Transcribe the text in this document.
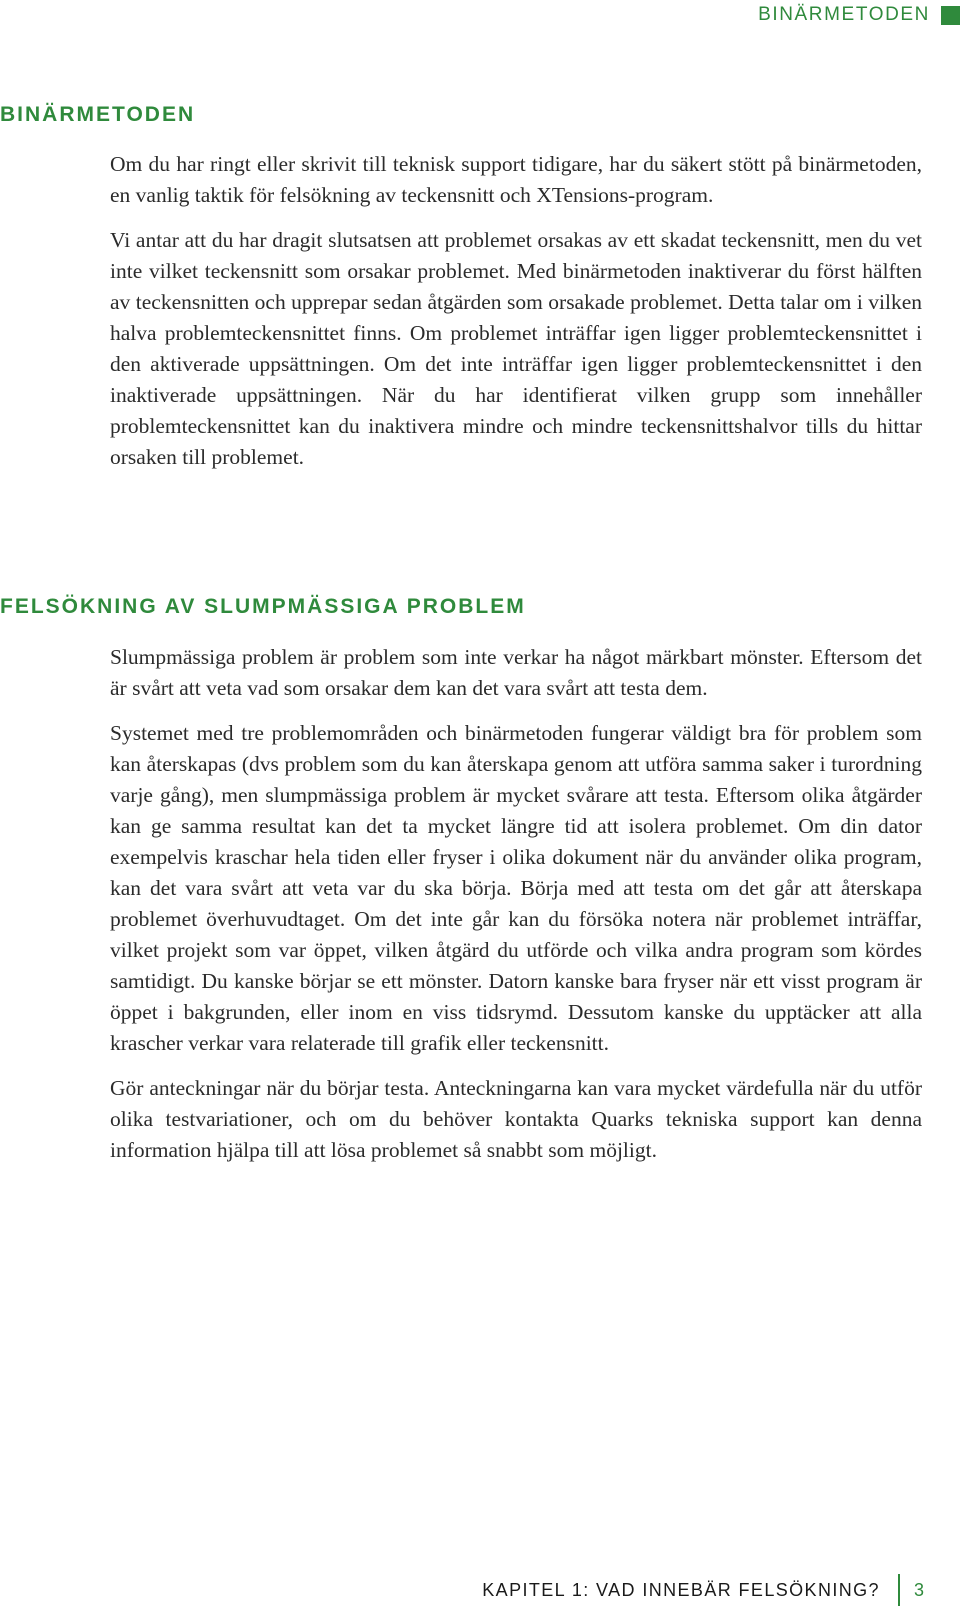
BINÄRMETODEN
BINÄRMETODEN

Om du har ringt eller skrivit till teknisk support tidigare, har du säkert stött på binärmetoden, en vanlig taktik för felsökning av teckensnitt och XTensions-program.

Vi antar att du har dragit slutsatsen att problemet orsakas av ett skadat teckensnitt, men du vet inte vilket teckensnitt som orsakar problemet. Med binärmetoden inaktiverar du först hälften av teckensnitten och upprepar sedan åtgärden som orsakade problemet. Detta talar om i vilken halva problemteckensnittet finns. Om problemet inträffar igen ligger problemteckensnittet i den aktiverade uppsättningen. Om det inte inträffar igen ligger problemteckensnittet i den inaktiverade uppsättningen. När du har identifierat vilken grupp som innehåller problemteckensnittet kan du inaktivera mindre och mindre teckensnittshalvor tills du hittar orsaken till problemet.

FELSÖKNING AV SLUMPMÄSSIGA PROBLEM

Slumpmässiga problem är problem som inte verkar ha något märkbart mönster. Eftersom det är svårt att veta vad som orsakar dem kan det vara svårt att testa dem.

Systemet med tre problemområden och binärmetoden fungerar väldigt bra för problem som kan återskapas (dvs problem som du kan återskapa genom att utföra samma saker i turordning varje gång), men slumpmässiga problem är mycket svårare att testa. Eftersom olika åtgärder kan ge samma resultat kan det ta mycket längre tid att isolera problemet. Om din dator exempelvis kraschar hela tiden eller fryser i olika dokument när du använder olika program, kan det vara svårt att veta var du ska börja. Börja med att testa om det går att återskapa problemet överhuvudtaget. Om det inte går kan du försöka notera när problemet inträffar, vilket projekt som var öppet, vilken åtgärd du utförde och vilka andra program som kördes samtidigt. Du kanske börjar se ett mönster. Datorn kanske bara fryser när ett visst program är öppet i bakgrunden, eller inom en viss tidsrymd. Dessutom kanske du upptäcker att alla krascher verkar vara relaterade till grafik eller teckensnitt.

Gör anteckningar när du börjar testa. Anteckningarna kan vara mycket värdefulla när du utför olika testvariationer, och om du behöver kontakta Quarks tekniska support kan denna information hjälpa till att lösa problemet så snabbt som möjligt.

KAPITEL 1: VAD INNEBÄR FELSÖKNING? 3
